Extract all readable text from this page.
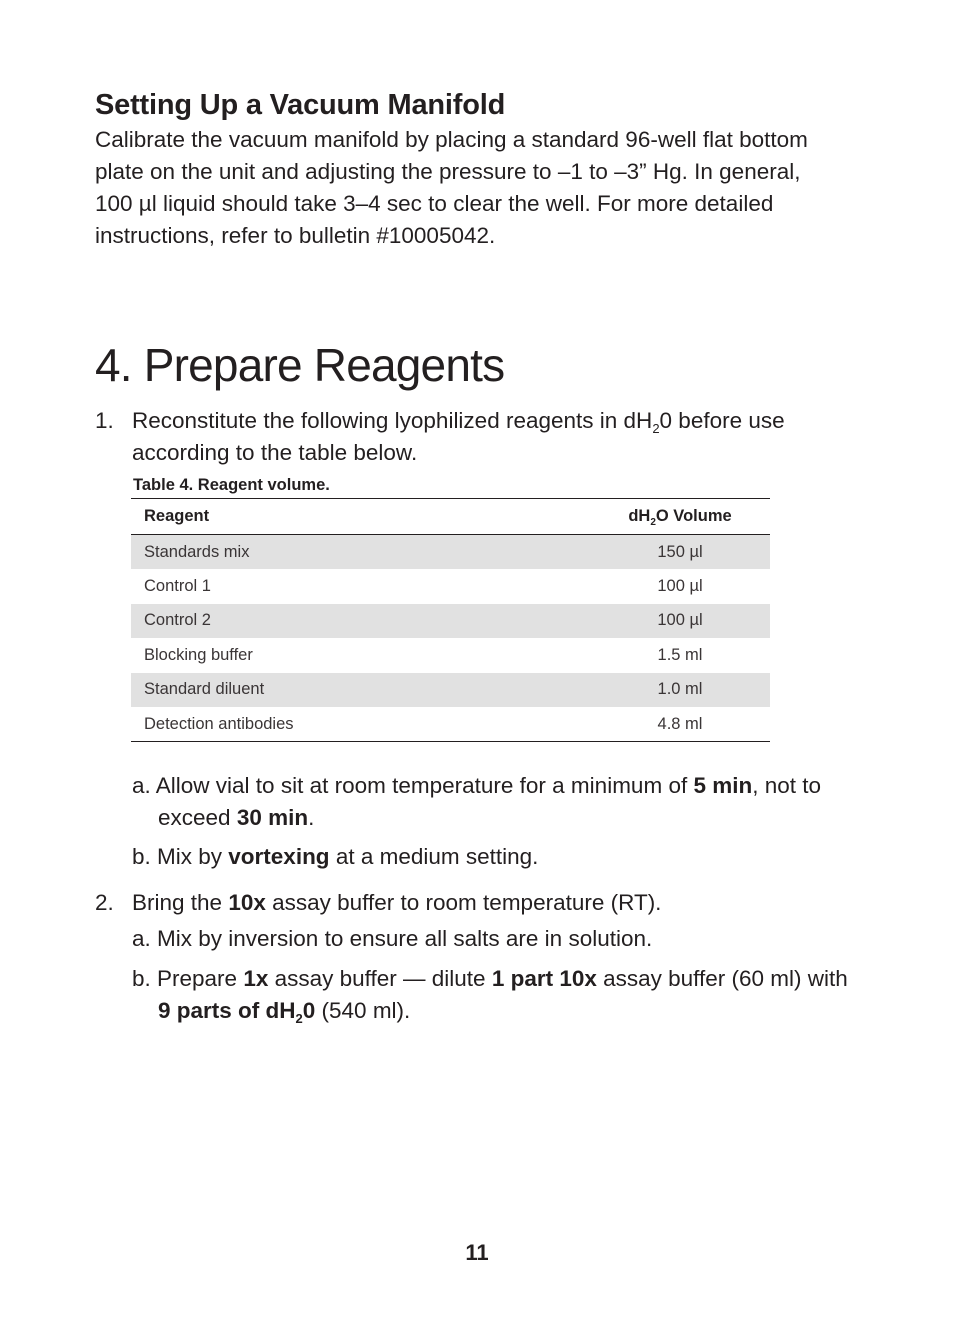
Setting Up a Vacuum Manifold
Calibrate the vacuum manifold by placing a standard 96-well flat bottom
plate on the unit and adjusting the pressure to –1 to –3” Hg. In general,
100 µl liquid should take 3–4 sec to clear the well. For more detailed
instructions, refer to bulletin #10005042.
4. Prepare Reagents
1. Reconstitute the following lyophilized reagents in $dH_20$ before use
according to the table below.
Table 4. Reagent volume.
Reagent	$dH_2O$ Volume
Standards mix	150 µl
Control 1	100 µl
Control 2	100 µl
Blocking buffer	1.5 ml
Standard diluent	1.0 ml
Detection antibodies	4.8 ml
a. Allow vial to sit at room temperature for a minimum of 5 min, not to
exceed 30 min.
b. Mix by vortexing at a medium setting.
2. Bring the 10x assay buffer to room temperature (RT).
a. Mix by inversion to ensure all salts are in solution.
b. Prepare 1x assay buffer — dilute 1 part 10x assay buffer (60 ml) with
9 parts of $dH_20$ (540 ml).
11
